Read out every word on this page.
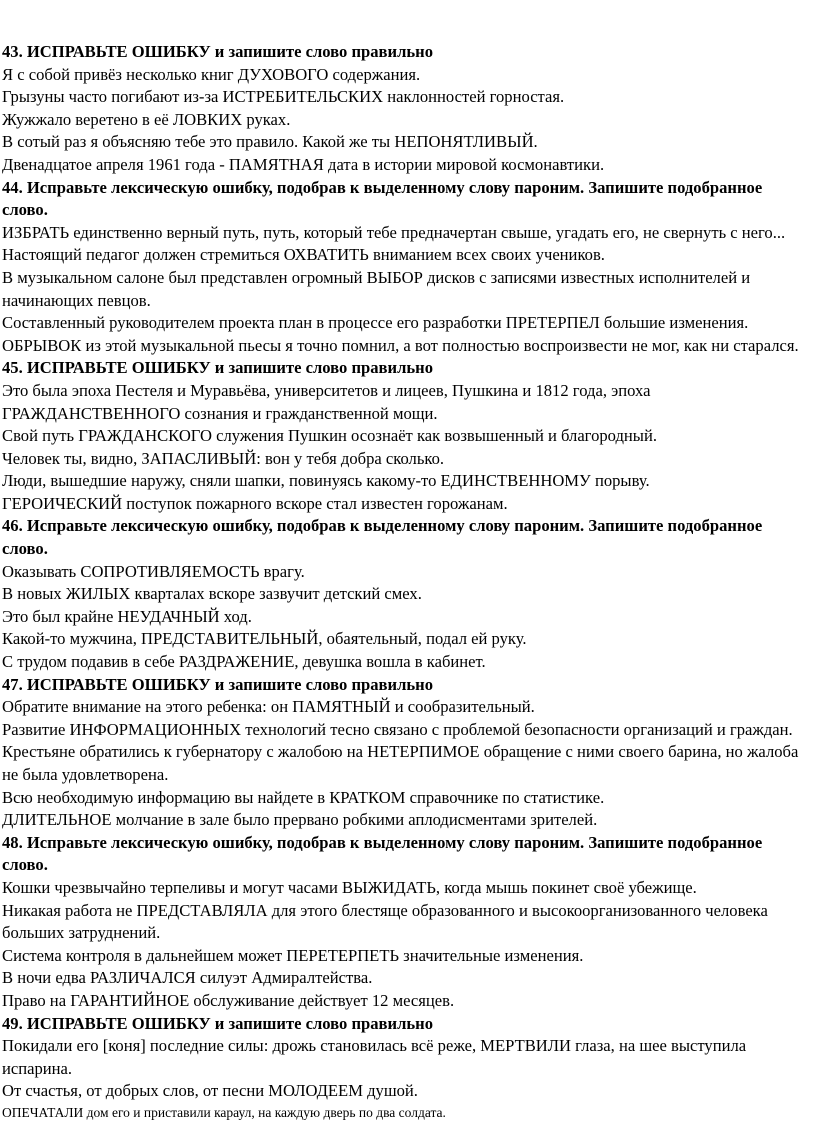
43. ИСПРАВЬТЕ ОШИБКУ и запишите слово правильно
Я с собой привёз несколько книг ДУХОВОГО содержания.
Грызуны часто погибают из-за ИСТРЕБИТЕЛЬСКИХ наклонностей горностая.
Жужжало веретено в её ЛОВКИХ руках.
В сотый раз я объясняю тебе это правило. Какой же ты НЕПОНЯТЛИВЫЙ.
Двенадцатое апреля 1961 года - ПАМЯТНАЯ дата в истории мировой космонавтики.
44. Исправьте лексическую ошибку, подобрав к выделенному слову пароним. Запишите подобранное слово.
ИЗБРАТЬ единственно верный путь, путь, который тебе предначертан свыше, угадать его, не свернуть с него...
Настоящий педагог должен стремиться ОХВАТИТЬ вниманием всех своих учеников.
В музыкальном салоне был представлен огромный ВЫБОР дисков с записями известных исполнителей и начинающих певцов.
Составленный руководителем проекта план в процессе его разработки ПРЕТЕРПЕЛ большие изменения.
ОБРЫВОК из этой музыкальной пьесы я точно помнил, а вот полностью воспроизвести не мог, как ни старался.
45. ИСПРАВЬТЕ ОШИБКУ и запишите слово правильно
Это была эпоха Пестеля и Муравьёва, университетов и лицеев, Пушкина и 1812 года, эпоха ГРАЖДАНСТВЕННОГО сознания и гражданственной мощи.
Свой путь ГРАЖДАНСКОГО служения Пушкин осознаёт как возвышенный и благородный.
Человек ты, видно, ЗАПАСЛИВЫЙ: вон у тебя добра сколько.
Люди, вышедшие наружу, сняли шапки, повинуясь какому-то ЕДИНСТВЕННОМУ порыву.
ГЕРОИЧЕСКИЙ поступок пожарного вскоре стал известен горожанам.
46. Исправьте лексическую ошибку, подобрав к выделенному слову пароним. Запишите подобранное слово.
Оказывать СОПРОТИВЛЯЕМОСТЬ врагу.
В новых ЖИЛЫХ кварталах вскоре зазвучит детский смех.
Это был крайне НЕУДАЧНЫЙ ход.
Какой-то мужчина, ПРЕДСТАВИТЕЛЬНЫЙ, обаятельный, подал ей руку.
С трудом подавив в себе РАЗДРАЖЕНИЕ, девушка вошла в кабинет.
47. ИСПРАВЬТЕ ОШИБКУ и запишите слово правильно
Обратите внимание на этого ребенка: он ПАМЯТНЫЙ и сообразительный.
Развитие ИНФОРМАЦИОННЫХ технологий тесно связано с проблемой безопасности организаций и граждан.
Крестьяне обратились к губернатору с жалобою на НЕТЕРПИМОЕ обращение с ними своего барина, но жалоба не была удовлетворена.
Всю необходимую информацию вы найдете в КРАТКОМ справочнике по статистике.
ДЛИТЕЛЬНОЕ молчание в зале было прервано робкими аплодисментами зрителей.
48. Исправьте лексическую ошибку, подобрав к выделенному слову пароним. Запишите подобранное слово.
Кошки чрезвычайно терпеливы и могут часами ВЫЖИДАТЬ, когда мышь покинет своё убежище.
Никакая работа не ПРЕДСТАВЛЯЛА для этого блестяще образованного и высокоорганизованного человека больших затруднений.
Система контроля в дальнейшем может ПЕРЕТЕРПЕТЬ значительные изменения.
В ночи едва РАЗЛИЧАЛСЯ силуэт Адмиралтейства.
Право на ГАРАНТИЙНОЕ обслуживание действует 12 месяцев.
49. ИСПРАВЬТЕ ОШИБКУ и запишите слово правильно
Покидали его [коня] последние силы: дрожь становилась всё реже, МЕРТВИЛИ глаза, на шее выступила испарина.
От счастья, от добрых слов, от песни МОЛОДЕЕМ душой.
ОПЕЧАТАЛИ дом его и приставили караул, на каждую дверь по два солдата.
